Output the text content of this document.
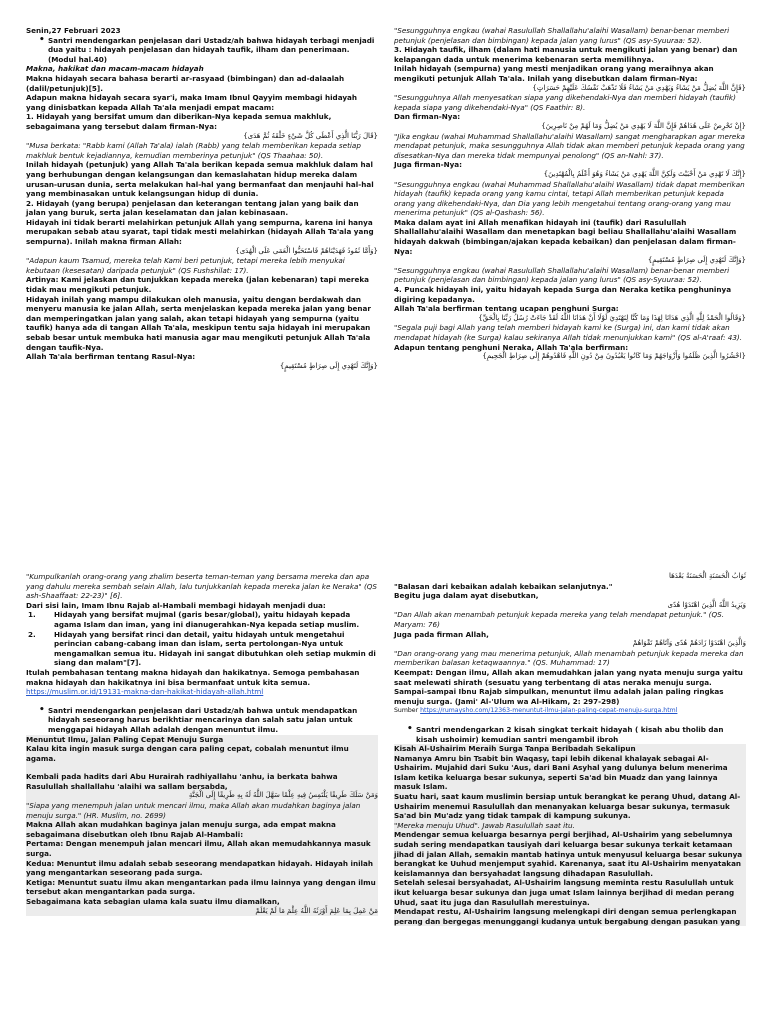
Senin,27 Februari 2023

• Santri mendengarkan penjelasan dari Ustadz/ah bahwa hidayah terbagi menjadi dua yaitu : hidayah penjelasan dan hidayah taufik, ilham dan penerimaan. (Modul hal.40)

Makna, hakikat dan macam-macam hidayah

Makna hidayah secara bahasa berarti ar-rasyaad (bimbingan) dan ad-dalaalah (dalil/petunjuk)[5].

Adapun makna hidayah secara syar'i, maka Imam Ibnul Qayyim membagi hidayah yang dinisbatkan kepada Allah Ta'ala menjadi empat macam:

1. Hidayah yang bersifat umum dan diberikan-Nya kepada semua makhluk, sebagaimana yang tersebut dalam firman-Nya:

{قَالَ رَبُّنَا الَّذِي أَعْطَى كُلَّ شَيْءٍ خَلْقَهُ ثُمَّ هَدَى}

"Musa berkata: "Rabb kami (Allah Ta'ala) ialah (Rabb) yang telah memberikan kepada setiap makhluk bentuk kejadiannya, kemudian memberinya petunjuk" (QS Thaahaa: 50).

Inilah hidayah (petunjuk) yang Allah Ta'ala berikan kepada semua makhluk dalam hal yang berhubungan dengan kelangsungan dan kemaslahatan hidup mereka dalam urusan-urusan dunia, serta melakukan hal-hal yang bermanfaat dan menjauhi hal-hal yang membinasakan untuk kelangsungan hidup di dunia.

2. Hidayah (yang berupa) penjelasan dan keterangan tentang jalan yang baik dan jalan yang buruk, serta jalan keselamatan dan jalan kebinasaan.

Hidayah ini tidak berarti melahirkan petunjuk Allah yang sempurna, karena ini hanya merupakan sebab atau syarat, tapi tidak mesti melahirkan (hidayah Allah Ta'ala yang sempurna). Inilah makna firman Allah:

{وَأَمَّا ثَمُودُ فَهَدَيْنَاهُمْ فَاسْتَحَبُّوا الْعَمَى عَلَى الْهُدَى}

"Adapun kaum Tsamud, mereka telah Kami beri petunjuk, tetapi mereka lebih menyukai kebutaan (kesesatan) daripada petunjuk" (QS Fushshilat: 17).

Artinya: Kami jelaskan dan tunjukkan kepada mereka (jalan kebenaran) tapi mereka tidak mau mengikuti petunjuk.

Hidayah inilah yang mampu dilakukan oleh manusia, yaitu dengan berdakwah dan menyeru manusia ke jalan Allah, serta menjelaskan kepada mereka jalan yang benar dan memperingatkan jalan yang salah, akan tetapi hidayah yang sempurna (yaitu taufik) hanya ada di tangan Allah Ta'ala, meskipun tentu saja hidayah ini merupakan sebab besar untuk membuka hati manusia agar mau mengikuti petunjuk Allah Ta'ala dengan taufik-Nya.

Allah Ta'ala berfirman tentang Rasul-Nya:

{وَإِنَّكَ لَتَهْدِي إِلَى صِرَاطٍ مُسْتَقِيمٍ}

"Sesungguhnya engkau (wahai Rasulullah Shallallahu'alaihi Wasallam) benar-benar memberi petunjuk (penjelasan dan bimbingan) kepada jalan yang lurus" (QS asy-Syuuraa: 52).

3. Hidayah taufik, ilham (dalam hati manusia untuk mengikuti jalan yang benar) dan kelapangan dada untuk menerima kebenaran serta memilihnya.

Inilah hidayah (sempurna) yang mesti menjadikan orang yang meraihnya akan mengikuti petunjuk Allah Ta'ala. Inilah yang disebutkan dalam firman-Nya:

{فَإِنَّ اللَّهَ يُضِلُّ مَنْ يَشَاءُ وَيَهْدِي مَنْ يَشَاءُ فَلَا تَذْهَبْ نَفْسُكَ عَلَيْهِمْ حَسَرَاتٍ}

"Sesungguhnya Allah menyesatkan siapa yang dikehendaki-Nya dan memberi hidayah (taufik) kepada siapa yang dikehendaki-Nya" (QS Faathir: 8).

Dan firman-Nya:

{إِنْ تَحْرِصْ عَلَى هُدَاهُمْ فَإِنَّ اللَّهَ لَا يَهْدِي مَنْ يُضِلُّ وَمَا لَهُمْ مِنْ نَاصِرِينَ}

"Jika engkau (wahai Muhammad Shallallahu'alaihi Wasallam) sangat mengharapkan agar mereka mendapat petunjuk, maka sesungguhnya Allah tidak akan memberi petunjuk kepada orang yang disesatkan-Nya dan mereka tidak mempunyai penolong" (QS an-Nahl: 37).

Juga firman-Nya:

{إِنَّكَ لَا تَهْدِي مَنْ أَحْبَبْتَ وَلَكِنَّ اللَّهَ يَهْدِي مَنْ يَشَاءُ وَهُوَ أَعْلَمُ بِالْمُهْتَدِينَ}

"Sesungguhnya engkau (wahai Muhammad Shallallahu'alaihi Wasallam) tidak dapat memberikan hidayah (taufik) kepada orang yang kamu cintai, tetapi Allah memberikan petunjuk kepada orang yang dikehendaki-Nya, dan Dia yang lebih mengetahui tentang orang-orang yang mau menerima petunjuk" (QS al-Qashash: 56).

Maka dalam ayat ini Allah menafikan hidayah ini (taufik) dari Rasulullah Shallallahu'alaihi Wasallam dan menetapkan bagi beliau Shallallahu'alaihi Wasallam hidayah dakwah (bimbingan/ajakan kepada kebaikan) dan penjelasan dalam firman-Nya:

{وَإِنَّكَ لَتَهْدِي إِلَى صِرَاطٍ مُسْتَقِيمٍ}

"Sesungguhnya engkau (wahai Rasulullah Shallallahu'alaihi Wasallam) benar-benar memberi petunjuk (penjelasan dan bimbingan) kepada jalan yang lurus" (QS asy-Syuuraa: 52).

4. Puncak hidayah ini, yaitu hidayah kepada Surga dan Neraka ketika penghuninya digiring kepadanya.

Allah Ta'ala berfirman tentang ucapan penghuni Surga:

{وَقَالُوا الْحَمْدُ لِلَّهِ الَّذِي هَدَانَا لِهَذَا وَمَا كُنَّا لِنَهْتَدِيَ لَوْلَا أَنْ هَدَانَا اللَّهُ لَقَدْ جَاءَتْ رُسُلُ رَبِّنَا بِالْحَقِّ}

"Segala puji bagi Allah yang telah memberi hidayah kami ke (Surga) ini, dan kami tidak akan mendapat hidayah (ke Surga) kalau sekiranya Allah tidak menunjukkan kami" (QS al-A'raaf: 43).

Adapun tentang penghuni Neraka, Allah Ta'ala berfirman:

{احْشُرُوا الَّذِينَ ظَلَمُوا وَأَزْوَاجَهُمْ وَمَا كَانُوا يَعْبُدُونَ مِنْ دُونِ اللَّهِ فَاهْدُوهُمْ إِلَى صِرَاطِ الْجَحِيمِ}

"Kumpulkanlah orang-orang yang zhalim beserta teman-teman yang bersama mereka dan apa yang dahulu mereka sembah selain Allah, lalu tunjukkanlah kepada mereka jalan ke Neraka" (QS ash-Shaaffaat: 22-23)" [6].

Dari sisi lain, Imam Ibnu Rajab al-Hambali membagi hidayah menjadi dua:

1.	Hidayah yang bersifat mujmal (garis besar/global), yaitu hidayah kepada agama Islam dan iman, yang ini dianugerahkan-Nya kepada setiap muslim.

2.	Hidayah yang bersifat rinci dan detail, yaitu hidayah untuk mengetahui perincian cabang-cabang iman dan islam, serta pertolongan-Nya untuk mengamalkan semua itu. Hidayah ini sangat dibutuhkan oleh setiap mukmin di siang dan malam"[7].

Itulah pembahasan tentang makna hidayah dan hakikatnya. Semoga pembahasan makna hidayah dan hakikatnya ini bisa bermanfaat untuk kita semua.

https://muslim.or.id/19131-makna-dan-hakikat-hidayah-allah.html

• Santri mendengarkan penjelasan dari Ustadz/ah bahwa untuk mendapatkan hidayah seseorang harus berikhtiar mencarinya dan salah satu jalan untuk menggapai hidayah Allah adalah dengan menuntut ilmu.

Menuntut Ilmu, Jalan Paling Cepat Menuju Surga

Kalau kita ingin masuk surga dengan cara paling cepat, cobalah menuntut ilmu agama.

Kembali pada hadits dari Abu Hurairah radhiyallahu 'anhu, ia berkata bahwa Rasulullah shallallahu 'alaihi wa sallam bersabda,

وَمَنْ سَلَكَ طَرِيقًا يَلْتَمِسُ فِيهِ عِلْمًا سَهَّلَ اللَّهُ لَهُ بِهِ طَرِيقًا إِلَى الْجَنَّةِ

"Siapa yang menempuh jalan untuk mencari ilmu, maka Allah akan mudahkan baginya jalan menuju surga." (HR. Muslim, no. 2699)

Makna Allah akan mudahkan baginya jalan menuju surga, ada empat makna sebagaimana disebutkan oleh Ibnu Rajab Al-Hambali:

Pertama: Dengan menempuh jalan mencari ilmu, Allah akan memudahkannya masuk surga.

Kedua: Menuntut ilmu adalah sebab seseorang mendapatkan hidayah. Hidayah inilah yang mengantarkan seseorang pada surga.

Ketiga: Menuntut suatu ilmu akan mengantarkan pada ilmu lainnya yang dengan ilmu tersebut akan mengantarkan pada surga.

Sebagaimana kata sebagian ulama kala suatu ilmu diamalkan,

مَنْ عَمِلَ بِمَا عَلِمَ أَوْرَثَهُ اللَّهُ عِلْمَ مَا لَمْ يَعْلَمْ

ثَوَابُ الْحَسَنَةِ الْحَسَنَةُ بَعْدَهَا

"Balasan dari kebaikan adalah kebaikan selanjutnya."

Begitu juga dalam ayat disebutkan,

وَيَزِيدُ اللَّهُ الَّذِينَ اهْتَدَوْا هُدًى

"Dan Allah akan menambah petunjuk kepada mereka yang telah mendapat petunjuk." (QS. Maryam: 76)

Juga pada firman Allah,

وَالَّذِينَ اهْتَدَوْا زَادَهُمْ هُدًى وَآتَاهُمْ تَقْوَاهُمْ

"Dan orang-orang yang mau menerima petunjuk, Allah menambah petunjuk kepada mereka dan memberikan balasan ketaqwaannya." (QS. Muhammad: 17)

Keempat: Dengan ilmu, Allah akan memudahkan jalan yang nyata menuju surga yaitu saat melewati shirath (sesuatu yang terbentang di atas neraka menuju surga.

Sampai-sampai Ibnu Rajab simpulkan, menuntut ilmu adalah jalan paling ringkas menuju surga. (Jami' Al-'Ulum wa Al-Hikam, 2: 297-298)

Sumber https://rumaysho.com/12363-menuntut-ilmu-jalan-paling-cepat-menuju-surga.html

• Santri mendengarkan 2 kisah singkat terkait hidayah ( kisah abu tholib dan kisah ushoimir) kemudian santri mengambil ibroh

Kisah Al-Ushairim Meraih Surga Tanpa Beribadah Sekalipun

Namanya Amru bin Tsabit bin Waqasy, tapi lebih dikenal khalayak sebagai Al-Ushairim. Mujahid dari Suku 'Aus, dari Bani Asyhal yang dulunya belum menerima Islam ketika keluarga besar sukunya, seperti Sa'ad bin Muadz dan yang lainnya masuk Islam.

Suatu hari, saat kaum muslimin bersiap untuk berangkat ke perang Uhud, datang Al-Ushairim menemui Rasulullah dan menanyakan keluarga besar sukunya, termasuk Sa'ad bin Mu'adz yang tidak tampak di kampung sukunya.

"Mereka menuju Uhud". Jawab Rasulullah saat itu.

Mendengar semua keluarga besarnya pergi berjihad, Al-Ushairim yang sebelumnya sudah sering mendapatkan tausiyah dari keluarga besar sukunya terkait ketamaan jihad di jalan Allah, semakin mantab hatinya untuk menyusul keluarga besar sukunya berangkat ke Uuhud menjemput syahid. Karenanya, saat itu Al-Ushairim menyatakan keislamannya dan bersyahadat langsung dihadapan Rasulullah.

Setelah selesai bersyahadat, Al-Ushairim langsung meminta restu Rasulullah untuk ikut keluarga besar sukunya dan juga umat Islam lainnya berjihad di medan perang Uhud, saat itu juga dan Rasulullah merestuinya.

Mendapat restu, Al-Ushairim langsung melengkapi diri dengan semua perlengkapan perang dan bergegas menunggangi kudanya untuk bergabung dengan pasukan yang
